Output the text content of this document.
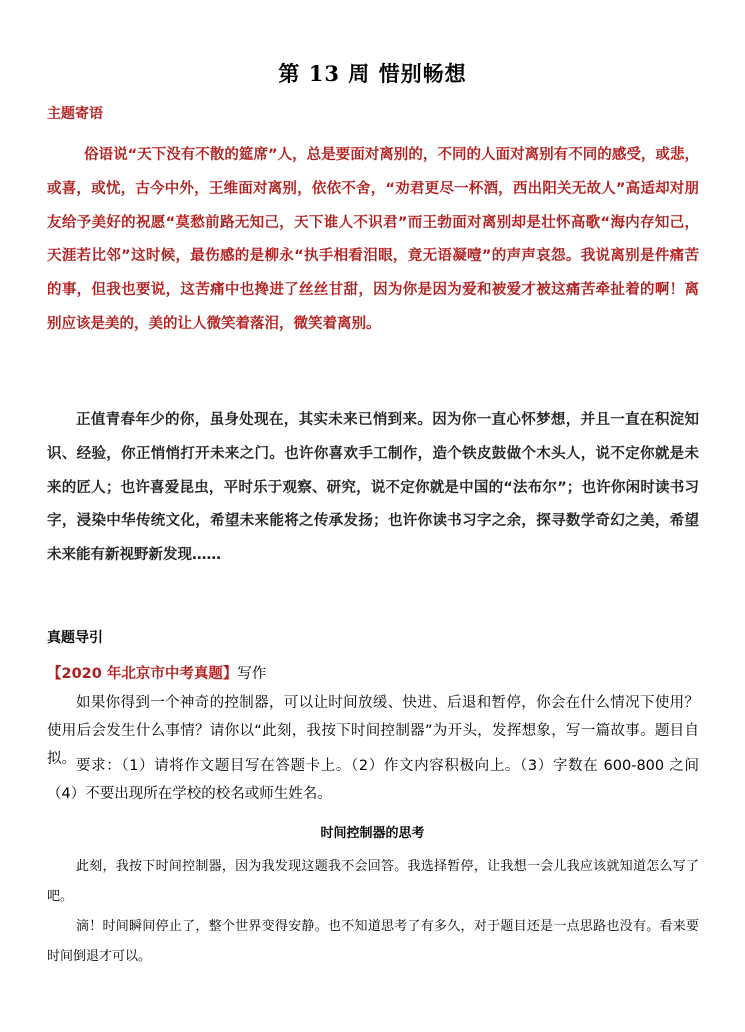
第 13 周 惜别畅想
主题寄语

俗语说“天下没有不散的筵席”人，总是要面对离别的，不同的人面对离别有不同的感受，或悲，或喜，或忧，古今中外，王维面对离别，依依不舍，“劝君更尽一杯酒，西出阳关无故人”高适却对朋友给予美好的祝愿“莫愁前路无知己，天下谁人不识君”而王勃面对离别却是壮怀高歌“海内存知己，天涯若比邻”这时候，最伤感的是柳永“执手相看泪眼，竟无语凝噎”的声声哀怨。我说离别是件痛苦的事，但我也要说，这苦痛中也搀进了丝丝甘甜，因为你是因为爱和被爱才被这痛苦牵扯着的啊！离别应该是美的，美的让人微笑着落泪，微笑着离别。

正值青春年少的你，虽身处现在，其实未来已悄到来。因为你一直心怀梦想，并且一直在积淀知识、经验，你正悄悄打开未来之门。也许你喜欢手工制作，造个铁皮鼓做个木头人，说不定你就是未来的匠人；也许喜爱昆虫，平时乐于观察、研究，说不定你就是中国的“法布尔”；也许你闲时读书习字，浸染中华传统文化，希望未来能将之传承发扬；也许你读书习字之余，探寻数学奇幻之美，希望未来能有新视野新发现……

真题导引
【2020 年北京市中考真题】写作

如果你得到一个神奇的控制器，可以让时间放缓、快进、后退和暂停，你会在什么情况下使用？使用后会发生什么事情？请你以“此刻，我按下时间控制器”为开头，发挥想象，写一篇故事。题目自拟。 要求：（1）请将作文题目写在答题卡上。（2）作文内容积极向上。（3）字数在 600-800 之间（4）不要出现所在学校的校名或师生姓名。

时间控制器的思考

此刻，我按下时间控制器，因为我发现这题我不会回答。我选择暂停，让我想一会儿我应该就知道怎么写了吧。

滴！时间瞬间停止了，整个世界变得安静。也不知道思考了有多久，对于题目还是一点思路也没有。看来要时间倒退才可以。
